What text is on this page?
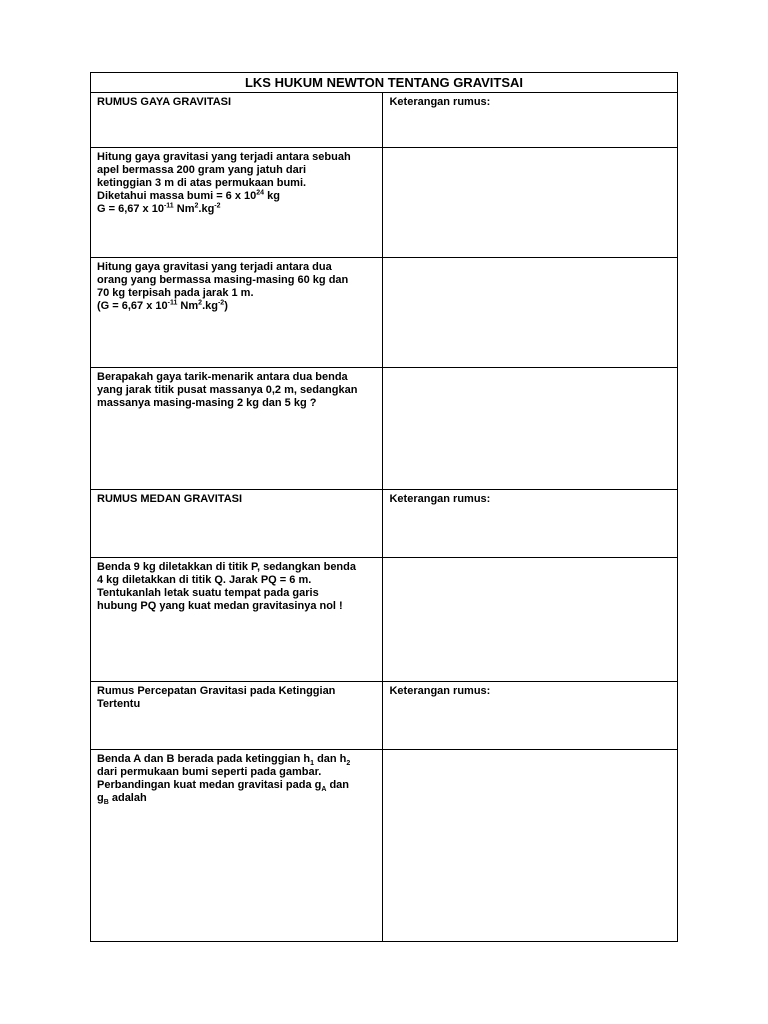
LKS HUKUM NEWTON TENTANG GRAVITSAI	
RUMUS GAYA GRAVITASI	Keterangan rumus:

Hitung gaya gravitasi yang terjadi antara sebuah
apel bermassa 200 gram yang jatuh dari
ketinggian 3 m di atas permukaan bumi.
Diketahui massa bumi = 6 x $10^{24}$ kg
G = 6,67 x $10^{-11}$ $Nm^2.kg^{-2}$

Hitung gaya gravitasi yang terjadi antara dua
orang yang bermassa masing-masing 60 kg dan
70 kg terpisah pada jarak 1 m.
(G = 6,67 x $10^{-11}$ $Nm^2.kg^{-2}$)	

Berapakah gaya tarik-menarik antara dua benda
yang jarak titik pusat massanya 0,2 m, sedangkan
massanya masing-masing 2 kg dan 5 kg ?	

RUMUS MEDAN GRAVITASI	Keterangan rumus:

Benda 9 kg diletakkan di titik P, sedangkan benda
4 kg diletakkan di titik Q. Jarak PQ = 6 m.
Tentukanlah letak suatu tempat pada garis
hubung PQ yang kuat medan gravitasinya nol !	

Rumus Percepatan Gravitasi pada Ketinggian
Tertentu	Keterangan rumus:

Benda A dan B berada pada ketinggian $h_1$ dan $h_2$
dari permukaan bumi seperti pada gambar.
Perbandingan kuat medan gravitasi pada $g_A$ dan
$g_B$ adalah	
